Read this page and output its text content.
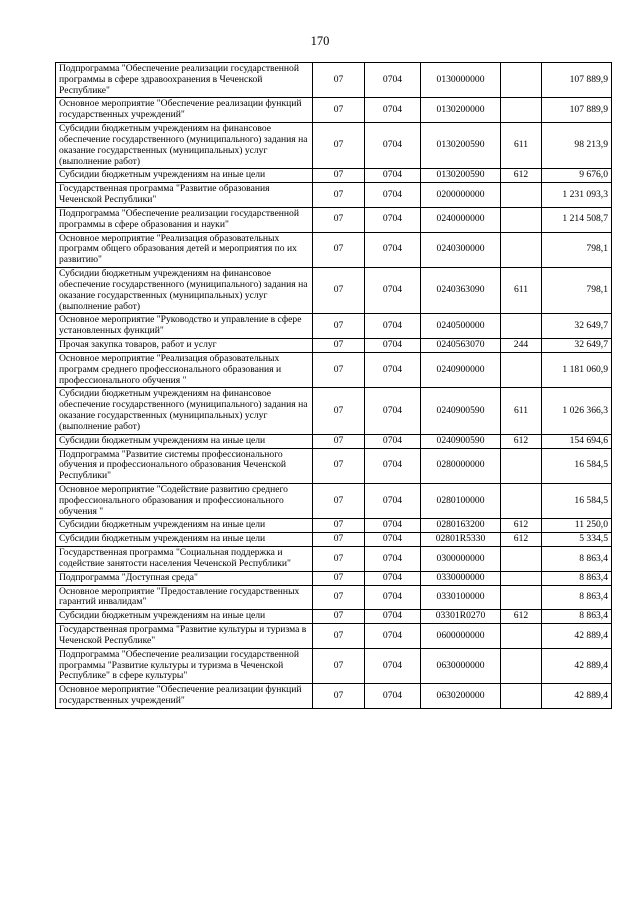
170
Подпрограмма "Обеспечение реализации государственной программы в сфере здравоохранения в Чеченской Республике"	07	0704	0130000000		107 889,9
Основное мероприятие "Обеспечение реализации функций государственных учреждений"	07	0704	0130200000		107 889,9
Субсидии бюджетным учреждениям на финансовое обеспечение государственного (муниципального) задания на оказание государственных (муниципальных) услуг (выполнение работ)	07	0704	0130200590	611	98 213,9
Субсидии бюджетным учреждениям на иные цели	07	0704	0130200590	612	9 676,0
Государственная программа "Развитие образования Чеченской Республики"	07	0704	0200000000		1 231 093,3
Подпрограмма "Обеспечение реализации государственной программы в сфере образования и науки"	07	0704	0240000000		1 214 508,7
Основное мероприятие "Реализация образовательных программ общего образования детей и мероприятия по их развитию"	07	0704	0240300000		798,1
Субсидии бюджетным учреждениям на финансовое обеспечение государственного (муниципального) задания на оказание государственных (муниципальных) услуг (выполнение работ)	07	0704	0240363090	611	798,1
Основное мероприятие "Руководство и управление в сфере установленных функций"	07	0704	0240500000		32 649,7
Прочая закупка товаров, работ и услуг	07	0704	0240563070	244	32 649,7
Основное мероприятие "Реализация образовательных программ среднего профессионального образования и профессионального обучения "	07	0704	0240900000		1 181 060,9
Субсидии бюджетным учреждениям на финансовое обеспечение государственного (муниципального) задания на оказание государственных (муниципальных) услуг (выполнение работ)	07	0704	0240900590	611	1 026 366,3
Субсидии бюджетным учреждениям на иные цели	07	0704	0240900590	612	154 694,6
Подпрограмма "Развитие системы профессионального обучения и профессионального образования Чеченской Республики"	07	0704	0280000000		16 584,5
Основное мероприятие "Содействие развитию среднего профессионального образования и профессионального обучения "	07	0704	0280100000		16 584,5
Субсидии бюджетным учреждениям на иные цели	07	0704	0280163200	612	11 250,0
Субсидии бюджетным учреждениям на иные цели	07	0704	02801R5330	612	5 334,5
Государственная программа "Социальная поддержка и содействие занятости населения Чеченской Республики"	07	0704	0300000000		8 863,4
Подпрограмма "Доступная среда"	07	0704	0330000000		8 863,4
Основное мероприятие "Предоставление государственных гарантий инвалидам"	07	0704	0330100000		8 863,4
Субсидии бюджетным учреждениям на иные цели	07	0704	03301R0270	612	8 863,4
Государственная программа "Развитие культуры и туризма в Чеченской Республике"	07	0704	0600000000		42 889,4
Подпрограмма "Обеспечение реализации государственной программы "Развитие культуры и туризма в Чеченской Республике" в сфере культуры"	07	0704	0630000000		42 889,4
Основное мероприятие "Обеспечение реализации функций государственных учреждений"	07	0704	0630200000		42 889,4
